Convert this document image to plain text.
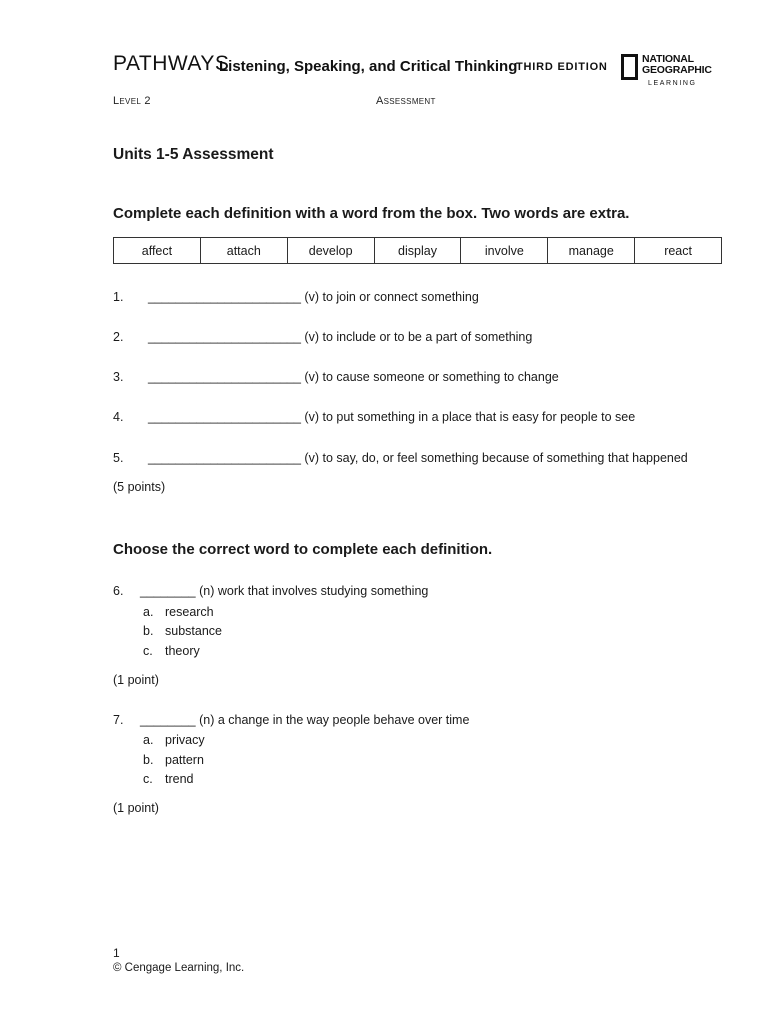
PATHWAYS
Listening, Speaking, and Critical Thinking
THIRD EDITION
NATIONAL
GEOGRAPHIC
LEARNING
Level 2	Assessment
Units 1-5 Assessment
Complete each definition with a word from the box. Two words are extra.
affect	attach	develop	display	involve	manage	react
1. ______________________ (v) to join or connect something
2. ______________________ (v) to include or to be a part of something
3. ______________________ (v) to cause someone or something to change
4. ______________________ (v) to put something in a place that is easy for people to see
5. ______________________ (v) to say, do, or feel something because of something that happened
(5 points)
Choose the correct word to complete each definition.
6. ________ (n) work that involves studying something
a. research
b. substance
c. theory
(1 point)
7. ________ (n) a change in the way people behave over time
a. privacy
b. pattern
c. trend
(1 point)
1
© Cengage Learning, Inc.
